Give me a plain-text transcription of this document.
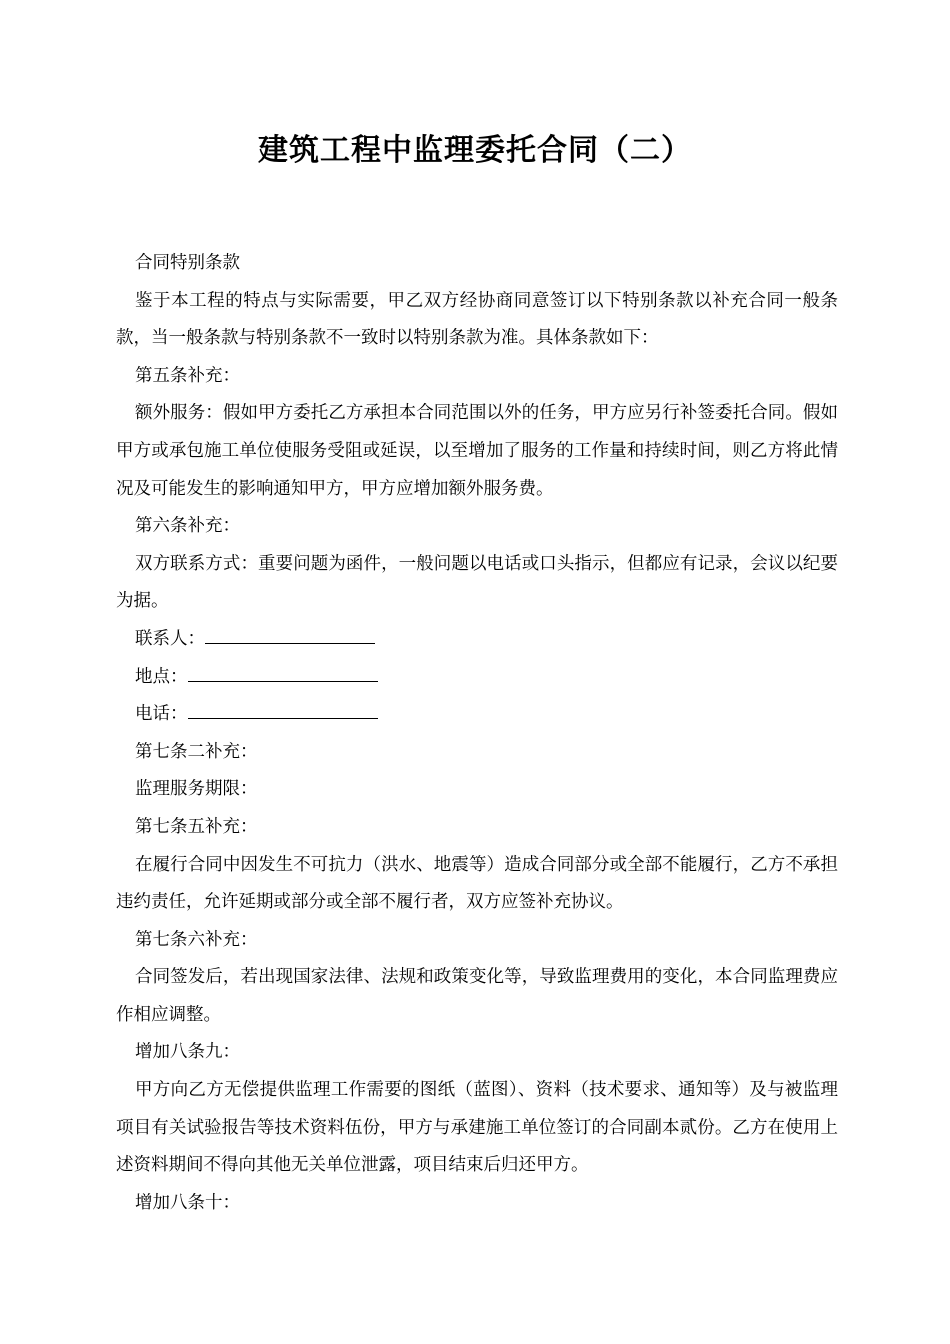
建筑工程中监理委托合同（二）

合同特别条款

鉴于本工程的特点与实际需要，甲乙双方经协商同意签订以下特别条款以补充合同一般条款，当一般条款与特别条款不一致时以特别条款为准。具体条款如下：

第五条补充：

额外服务：假如甲方委托乙方承担本合同范围以外的任务，甲方应另行补签委托合同。假如甲方或承包施工单位使服务受阻或延误，以至增加了服务的工作量和持续时间，则乙方将此情况及可能发生的影响通知甲方，甲方应增加额外服务费。

第六条补充：

双方联系方式：重要问题为函件，一般问题以电话或口头指示，但都应有记录，会议以纪要为据。

联系人：

地点：

电话：

第七条二补充：

监理服务期限：

第七条五补充：

在履行合同中因发生不可抗力（洪水、地震等）造成合同部分或全部不能履行，乙方不承担违约责任，允许延期或部分或全部不履行者，双方应签补充协议。

第七条六补充：

合同签发后，若出现国家法律、法规和政策变化等，导致监理费用的变化，本合同监理费应作相应调整。

增加八条九：

甲方向乙方无偿提供监理工作需要的图纸（蓝图）、资料（技术要求、通知等）及与被监理项目有关试验报告等技术资料伍份，甲方与承建施工单位签订的合同副本贰份。乙方在使用上述资料期间不得向其他无关单位泄露，项目结束后归还甲方。

增加八条十：
